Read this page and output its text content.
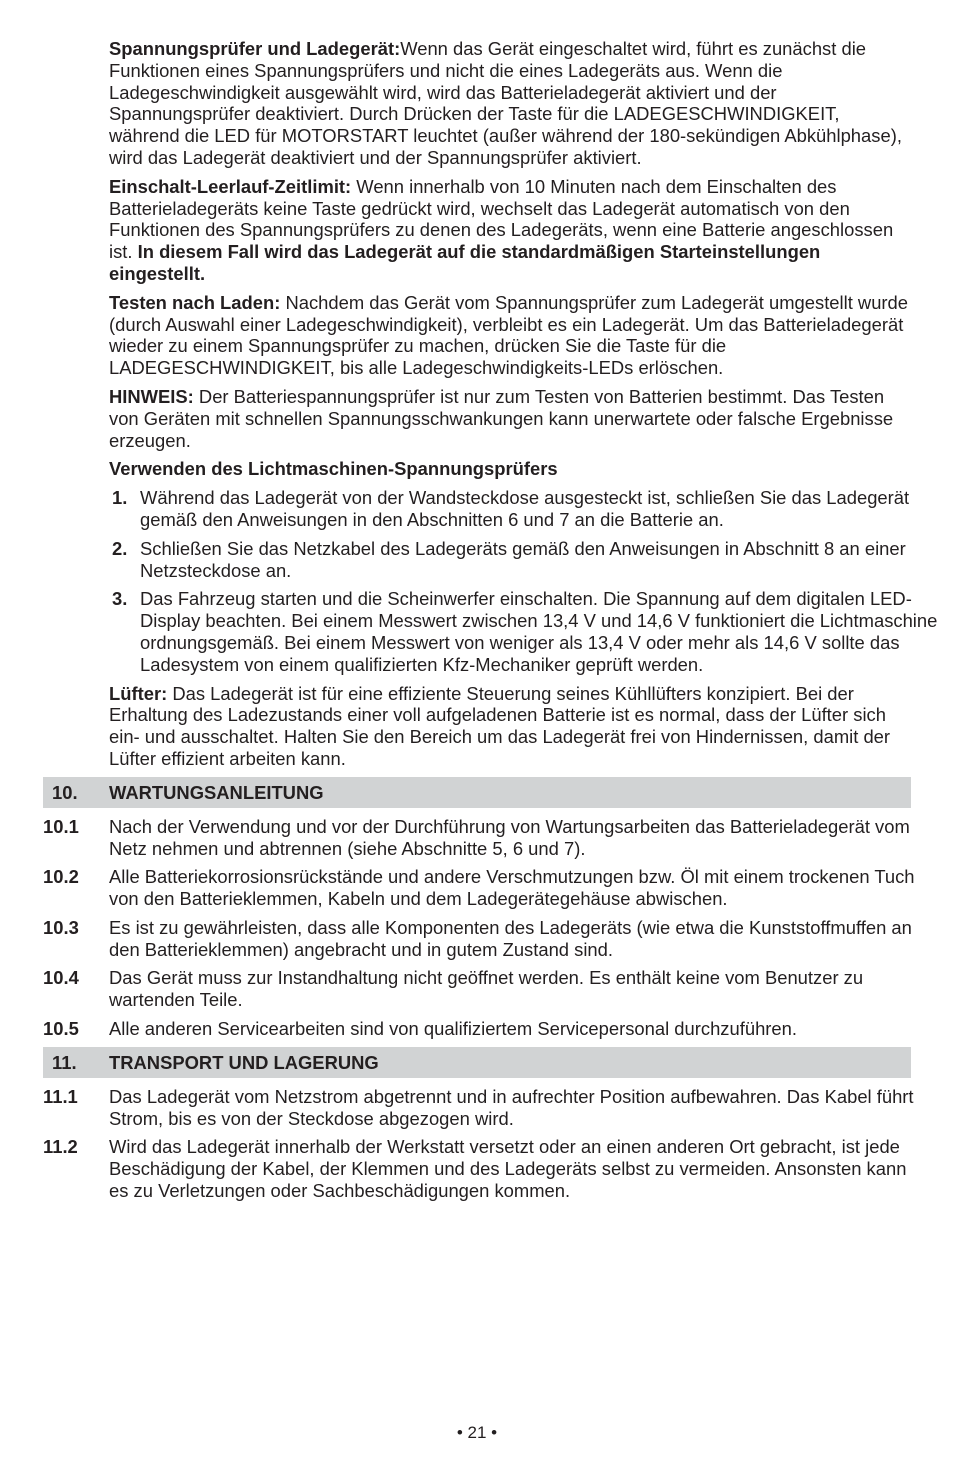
Spannungsprüfer und Ladegerät:Wenn das Gerät eingeschaltet wird, führt es zunächst die Funktionen eines Spannungsprüfers und nicht die eines Ladegeräts aus. Wenn die Ladegeschwindigkeit ausgewählt wird, wird das Batterieladegerät aktiviert und der Spannungsprüfer deaktiviert. Durch Drücken der Taste für die LADEGESCHWINDIGKEIT, während die LED für MOTORSTART leuchtet (außer während der 180-sekündigen Abkühlphase), wird das Ladegerät deaktiviert und der Spannungsprüfer aktiviert.
Einschalt-Leerlauf-Zeitlimit: Wenn innerhalb von 10 Minuten nach dem Einschalten des Batterieladegeräts keine Taste gedrückt wird, wechselt das Ladegerät automatisch von den Funktionen des Spannungsprüfers zu denen des Ladegeräts, wenn eine Batterie angeschlossen ist. In diesem Fall wird das Ladegerät auf die standardmäßigen Starteinstellungen eingestellt.
Testen nach Laden: Nachdem das Gerät vom Spannungsprüfer zum Ladegerät umgestellt wurde (durch Auswahl einer Ladegeschwindigkeit), verbleibt es ein Ladegerät. Um das Batterieladegerät wieder zu einem Spannungsprüfer zu machen, drücken Sie die Taste für die LADEGESCHWINDIGKEIT, bis alle Ladegeschwindigkeits-LEDs erlöschen.
HINWEIS: Der Batteriespannungsprüfer ist nur zum Testen von Batterien bestimmt. Das Testen von Geräten mit schnellen Spannungsschwankungen kann unerwartete oder falsche Ergebnisse erzeugen.
Verwenden des Lichtmaschinen-Spannungsprüfers
1. Während das Ladegerät von der Wandsteckdose ausgesteckt ist, schließen Sie das Ladegerät gemäß den Anweisungen in den Abschnitten 6 und 7 an die Batterie an.
2. Schließen Sie das Netzkabel des Ladegeräts gemäß den Anweisungen in Abschnitt 8 an einer Netzsteckdose an.
3. Das Fahrzeug starten und die Scheinwerfer einschalten. Die Spannung auf dem digitalen LED-Display beachten. Bei einem Messwert zwischen 13,4 V und 14,6 V funktioniert die Lichtmaschine ordnungsgemäß. Bei einem Messwert von weniger als 13,4 V oder mehr als 14,6 V sollte das Ladesystem von einem qualifizierten Kfz-Mechaniker geprüft werden.
Lüfter: Das Ladegerät ist für eine effiziente Steuerung seines Kühllüfters konzipiert. Bei der Erhaltung des Ladezustands einer voll aufgeladenen Batterie ist es normal, dass der Lüfter sich ein- und ausschaltet. Halten Sie den Bereich um das Ladegerät frei von Hindernissen, damit der Lüfter effizient arbeiten kann.
10. WARTUNGSANLEITUNG
10.1 Nach der Verwendung und vor der Durchführung von Wartungsarbeiten das Batterieladegerät vom Netz nehmen und abtrennen (siehe Abschnitte 5, 6 und 7).
10.2 Alle Batteriekorrosionsrückstände und andere Verschmutzungen bzw. Öl mit einem trockenen Tuch von den Batterieklemmen, Kabeln und dem Ladegerätegehäuse abwischen.
10.3 Es ist zu gewährleisten, dass alle Komponenten des Ladegeräts (wie etwa die Kunststoffmuffen an den Batterieklemmen) angebracht und in gutem Zustand sind.
10.4 Das Gerät muss zur Instandhaltung nicht geöffnet werden. Es enthält keine vom Benutzer zu wartenden Teile.
10.5 Alle anderen Servicearbeiten sind von qualifiziertem Servicepersonal durchzuführen.
11. TRANSPORT UND LAGERUNG
11.1 Das Ladegerät vom Netzstrom abgetrennt und in aufrechter Position aufbewahren. Das Kabel führt Strom, bis es von der Steckdose abgezogen wird.
11.2 Wird das Ladegerät innerhalb der Werkstatt versetzt oder an einen anderen Ort gebracht, ist jede Beschädigung der Kabel, der Klemmen und des Ladegeräts selbst zu vermeiden. Ansonsten kann es zu Verletzungen oder Sachbeschädigungen kommen.
• 21 •
